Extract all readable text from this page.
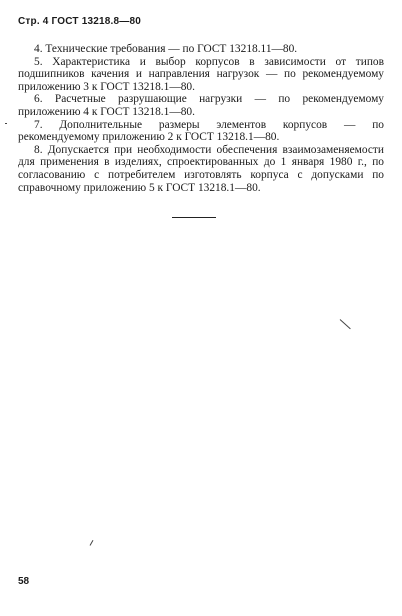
Стр. 4 ГОСТ 13218.8—80

4. Технические требования — по ГОСТ 13218.11—80.

5. Характеристика и выбор корпусов в зависимости от типов подшипников качения и направления нагрузок — по рекомендуемому приложению 3 к ГОСТ 13218.1—80.

6. Расчетные разрушающие нагрузки — по рекомендуемому приложению 4 к ГОСТ 13218.1—80.

7. Дополнительные размеры элементов корпусов — по рекомендуемому приложению 2 к ГОСТ 13218.1—80.

8. Допускается при необходимости обеспечения взаимозаменяемости для применения в изделиях, спроектированных до 1 января 1980 г., по согласованию с потребителем изготовлять корпуса с допусками по справочному приложению 5 к ГОСТ 13218.1—80.

58
